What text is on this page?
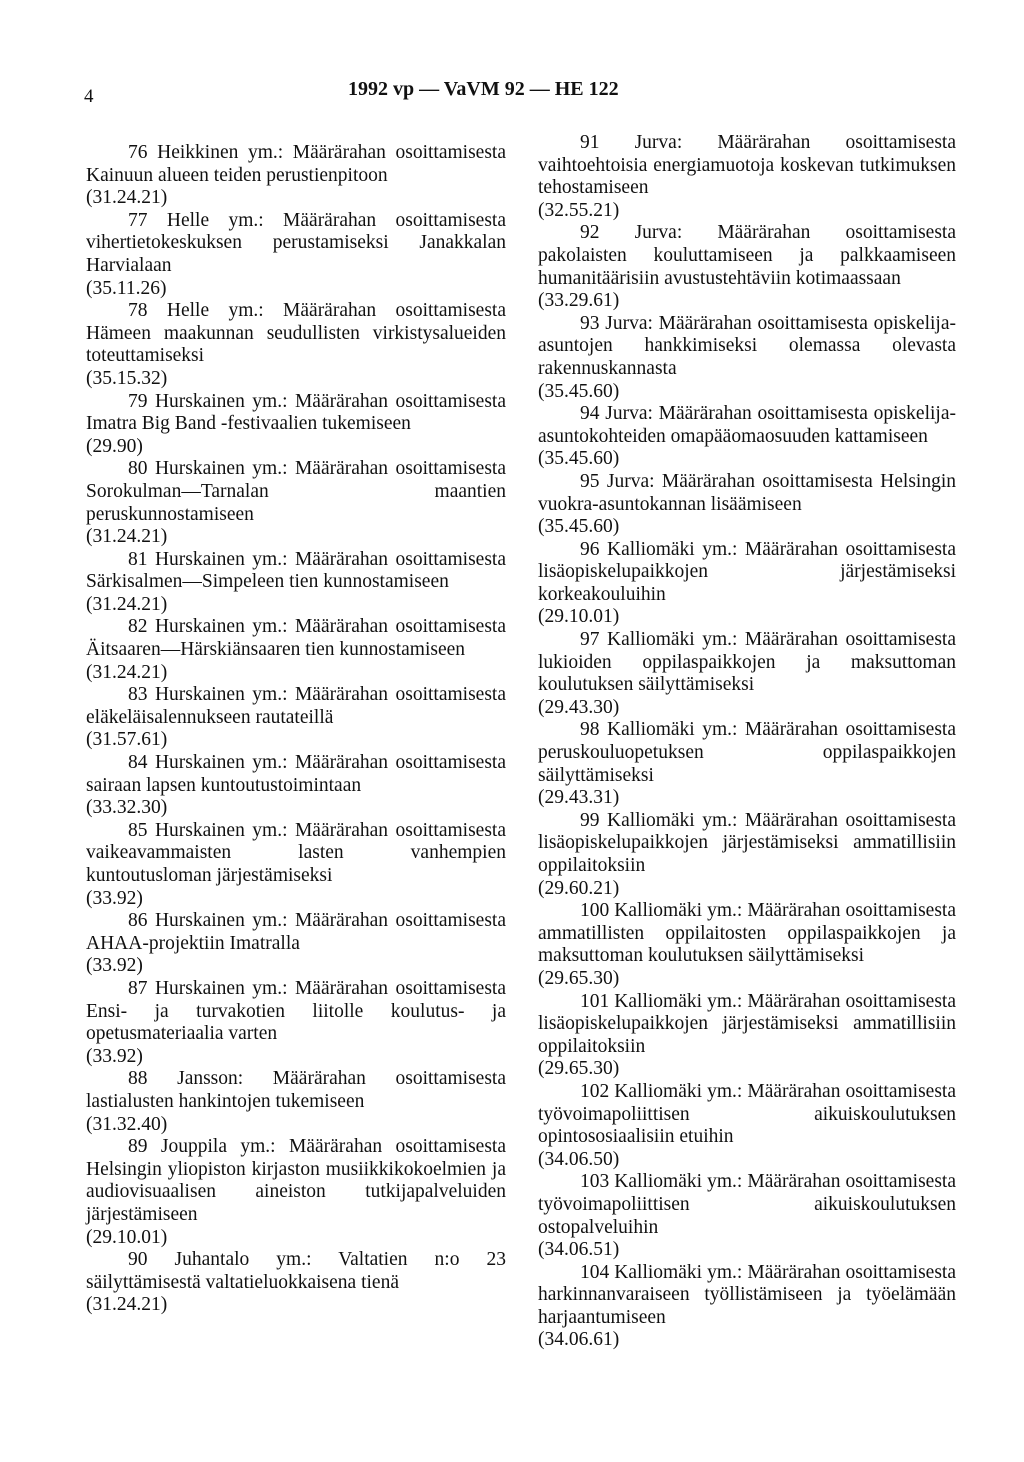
4	1992 vp — VaVM 92 — HE 122
76 Heikkinen ym.: Määrärahan osoittamisesta Kainuun alueen teiden perustienpitoon
(31.24.21)
77 Helle ym.: Määrärahan osoittamisesta vihertietokeskuksen perustamiseksi Janakkalan Harvialaan
(35.11.26)
78 Helle ym.: Määrärahan osoittamisesta Hämeen maakunnan seudullisten virkistysalueiden toteuttamiseksi
(35.15.32)
79 Hurskainen ym.: Määrärahan osoittamisesta Imatra Big Band -festivaalien tukemiseen
(29.90)
80 Hurskainen ym.: Määrärahan osoittamisesta Sorokulman—Tarnalan maantien peruskunnostamiseen
(31.24.21)
81 Hurskainen ym.: Määrärahan osoittamisesta Särkisalmen—Simpeleen tien kunnostamiseen
(31.24.21)
82 Hurskainen ym.: Määrärahan osoittamisesta Äitsaaren—Härskiänsaaren tien kunnostamiseen
(31.24.21)
83 Hurskainen ym.: Määrärahan osoittamisesta eläkeläisalennukseen rautateillä
(31.57.61)
84 Hurskainen ym.: Määrärahan osoittamisesta sairaan lapsen kuntoutustoimintaan
(33.32.30)
85 Hurskainen ym.: Määrärahan osoittamisesta vaikeavammaisten lasten vanhempien kuntoutusloman järjestämiseksi
(33.92)
86 Hurskainen ym.: Määrärahan osoittamisesta AHAA-projektiin Imatralla
(33.92)
87 Hurskainen ym.: Määrärahan osoittamisesta Ensi- ja turvakotien liitolle koulutus- ja opetusmateriaalia varten
(33.92)
88 Jansson: Määrärahan osoittamisesta lastialusten hankintojen tukemiseen
(31.32.40)
89 Jouppila ym.: Määrärahan osoittamisesta Helsingin yliopiston kirjaston musiikkikokoelmien ja audiovisuaalisen aineiston tutkijapalveluiden järjestämiseen
(29.10.01)
90 Juhantalo ym.: Valtatien n:o 23 säilyttämisestä valtatieluokkaisena tienä
(31.24.21)
91 Jurva: Määrärahan osoittamisesta vaihtoehtoisia energiamuotoja koskevan tutkimuksen tehostamiseen
(32.55.21)
92 Jurva: Määrärahan osoittamisesta pakolaisten kouluttamiseen ja palkkaamiseen humanitäärisiin avustustehtäviin kotimaassaan
(33.29.61)
93 Jurva: Määrärahan osoittamisesta opiskelija-asuntojen hankkimiseksi olemassa olevasta rakennuskannasta
(35.45.60)
94 Jurva: Määrärahan osoittamisesta opiskelija-asuntokohteiden omapääomaosuuden kattamiseen
(35.45.60)
95 Jurva: Määrärahan osoittamisesta Helsingin vuokra-asuntokannan lisäämiseen
(35.45.60)
96 Kalliomäki ym.: Määrärahan osoittamisesta lisäopiskelupaikkojen järjestämiseksi korkeakouluihin
(29.10.01)
97 Kalliomäki ym.: Määrärahan osoittamisesta lukioiden oppilaspaikkojen ja maksuttoman koulutuksen säilyttämiseksi
(29.43.30)
98 Kalliomäki ym.: Määrärahan osoittamisesta peruskouluopetuksen oppilaspaikkojen säilyttämiseksi
(29.43.31)
99 Kalliomäki ym.: Määrärahan osoittamisesta lisäopiskelupaikkojen järjestämiseksi ammatillisiin oppilaitoksiin
(29.60.21)
100 Kalliomäki ym.: Määrärahan osoittamisesta ammatillisten oppilaitosten oppilaspaikkojen ja maksuttoman koulutuksen säilyttämiseksi
(29.65.30)
101 Kalliomäki ym.: Määrärahan osoittamisesta lisäopiskelupaikkojen järjestämiseksi ammatillisiin oppilaitoksiin
(29.65.30)
102 Kalliomäki ym.: Määrärahan osoittamisesta työvoimapoliittisen aikuiskoulutuksen opintososiaalisiin etuihin
(34.06.50)
103 Kalliomäki ym.: Määrärahan osoittamisesta työvoimapoliittisen aikuiskoulutuksen ostopalveluihin
(34.06.51)
104 Kalliomäki ym.: Määrärahan osoittamisesta harkinnanvaraiseen työllistämiseen ja työelämään harjaantumiseen
(34.06.61)
